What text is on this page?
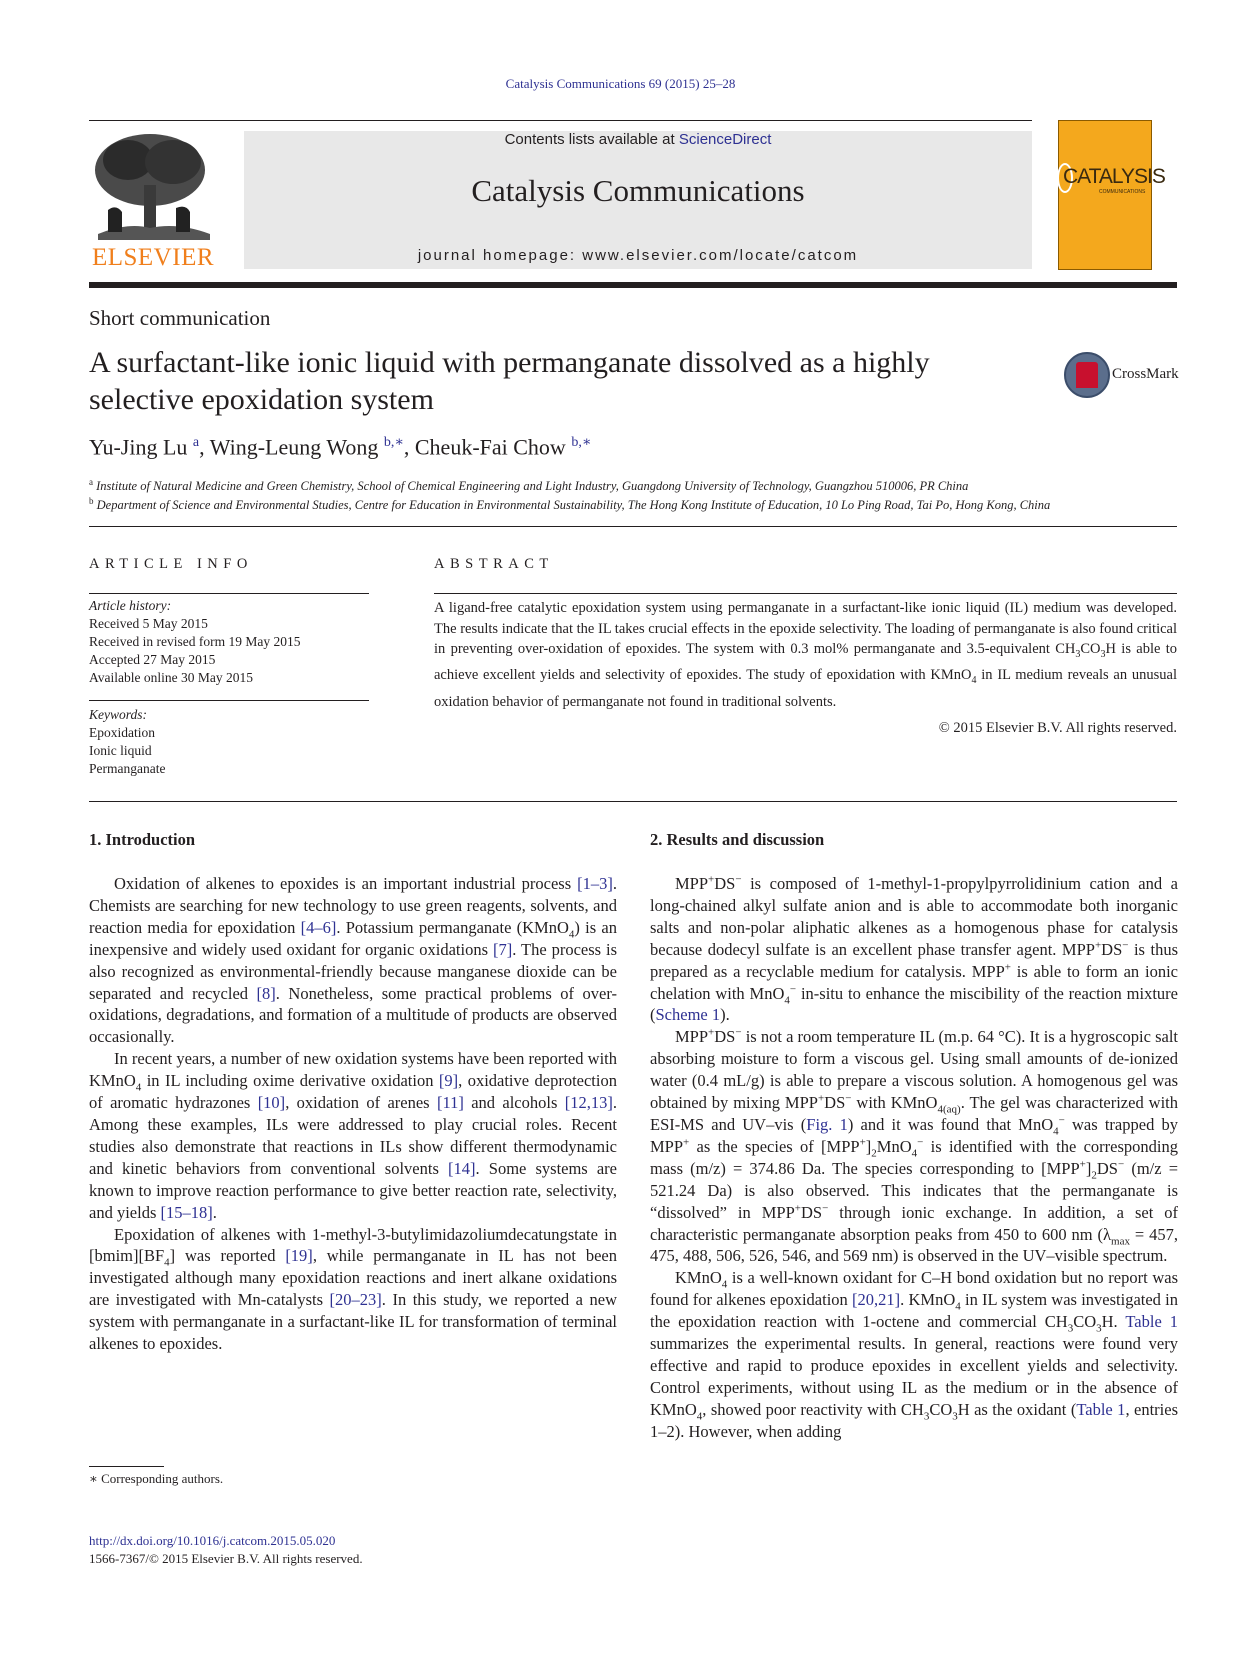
Catalysis Communications 69 (2015) 25–28
ELSEVIER
Contents lists available at ScienceDirect
Catalysis Communications
journal homepage: www.elsevier.com/locate/catcom
CATALYSIS
COMMUNICATIONS
Short communication
A surfactant-like ionic liquid with permanganate dissolved as a highly selective epoxidation system
CrossMark
Yu-Jing Lu $^a$, Wing-Leung Wong $^{b,∗}$, Cheuk-Fai Chow $^{b,∗}$
$^a$ Institute of Natural Medicine and Green Chemistry, School of Chemical Engineering and Light Industry, Guangdong University of Technology, Guangzhou 510006, PR China
$^b$ Department of Science and Environmental Studies, Centre for Education in Environmental Sustainability, The Hong Kong Institute of Education, 10 Lo Ping Road, Tai Po, Hong Kong, China
ARTICLE INFO
Article history:
Received 5 May 2015
Received in revised form 19 May 2015
Accepted 27 May 2015
Available online 30 May 2015
Keywords:
Epoxidation
Ionic liquid
Permanganate
ABSTRACT
A ligand-free catalytic epoxidation system using permanganate in a surfactant-like ionic liquid (IL) medium was developed. The results indicate that the IL takes crucial effects in the epoxide selectivity. The loading of permanganate is also found critical in preventing over-oxidation of epoxides. The system with 0.3 mol% permanganate and 3.5-equivalent $CH_3CO_3H$ is able to achieve excellent yields and selectivity of epoxides. The study of epoxidation with KMnO$_4$ in IL medium reveals an unusual oxidation behavior of permanganate not found in traditional solvents.
© 2015 Elsevier B.V. All rights reserved.
1. Introduction

Oxidation of alkenes to epoxides is an important industrial process [1–3]. Chemists are searching for new technology to use green reagents, solvents, and reaction media for epoxidation [4–6]. Potassium permanganate (KMnO$_4$) is an inexpensive and widely used oxidant for organic oxidations [7]. The process is also recognized as environmental-friendly because manganese dioxide can be separated and recycled [8]. Nonetheless, some practical problems of over-oxidations, degradations, and formation of a multitude of products are observed occasionally.

In recent years, a number of new oxidation systems have been reported with KMnO$_4$ in IL including oxime derivative oxidation [9], oxidative deprotection of aromatic hydrazones [10], oxidation of arenes [11] and alcohols [12,13]. Among these examples, ILs were addressed to play crucial roles. Recent studies also demonstrate that reactions in ILs show different thermodynamic and kinetic behaviors from conventional solvents [14]. Some systems are known to improve reaction performance to give better reaction rate, selectivity, and yields [15–18].

Epoxidation of alkenes with 1-methyl-3-butylimidazoliumdecatungstate in $[bmim][BF_4]$ was reported [19], while permanganate in IL has not been investigated although many epoxidation reactions and inert alkane oxidations are investigated with Mn-catalysts [20–23]. In this study, we reported a new system with permanganate in a surfactant-like IL for transformation of terminal alkenes to epoxides.

2. Results and discussion

MPP+DS− is composed of 1-methyl-1-propylpyrrolidinium cation and a long-chained alkyl sulfate anion and is able to accommodate both inorganic salts and non-polar aliphatic alkenes as a homogenous phase for catalysis because dodecyl sulfate is an excellent phase transfer agent. MPP+DS− is thus prepared as a recyclable medium for catalysis. MPP+ is able to form an ionic chelation with MnO$_4$− in-situ to enhance the miscibility of the reaction mixture (Scheme 1).

MPP+DS− is not a room temperature IL (m.p. 64 °C). It is a hygroscopic salt absorbing moisture to form a viscous gel. Using small amounts of de-ionized water (0.4 mL/g) is able to prepare a viscous solution. A homogenous gel was obtained by mixing MPP+DS− with KMnO$_{4(aq)}$. The gel was characterized with ESI-MS and UV–vis (Fig. 1) and it was found that MnO$_4$− was trapped by MPP+ as the species of $[MPP^+]_2MnO_4^-$ is identified with the corresponding mass (m/z) = 374.86 Da. The species corresponding to $[MPP^+]_2DS^-$ (m/z = 521.24 Da) is also observed. This indicates that the permanganate is “dissolved” in MPP+DS− through ionic exchange. In addition, a set of characteristic permanganate absorption peaks from 450 to 600 nm ($\lambda_{max} = 457$, 475, 488, 506, 526, 546, and 569 nm) is observed in the UV–visible spectrum.

KMnO$_4$ is a well-known oxidant for C–H bond oxidation but no report was found for alkenes epoxidation [20,21]. KMnO$_4$ in IL system was investigated in the epoxidation reaction with 1-octene and commercial $CH_3CO_3H$. Table 1 summarizes the experimental results. In general, reactions were found very effective and rapid to produce epoxides in excellent yields and selectivity. Control experiments, without using IL as the medium or in the absence of KMnO$_4$, showed poor reactivity with $CH_3CO_3H$ as the oxidant (Table 1, entries 1–2). However, when adding

∗ Corresponding authors.
http://dx.doi.org/10.1016/j.catcom.2015.05.020
1566-7367/© 2015 Elsevier B.V. All rights reserved.
